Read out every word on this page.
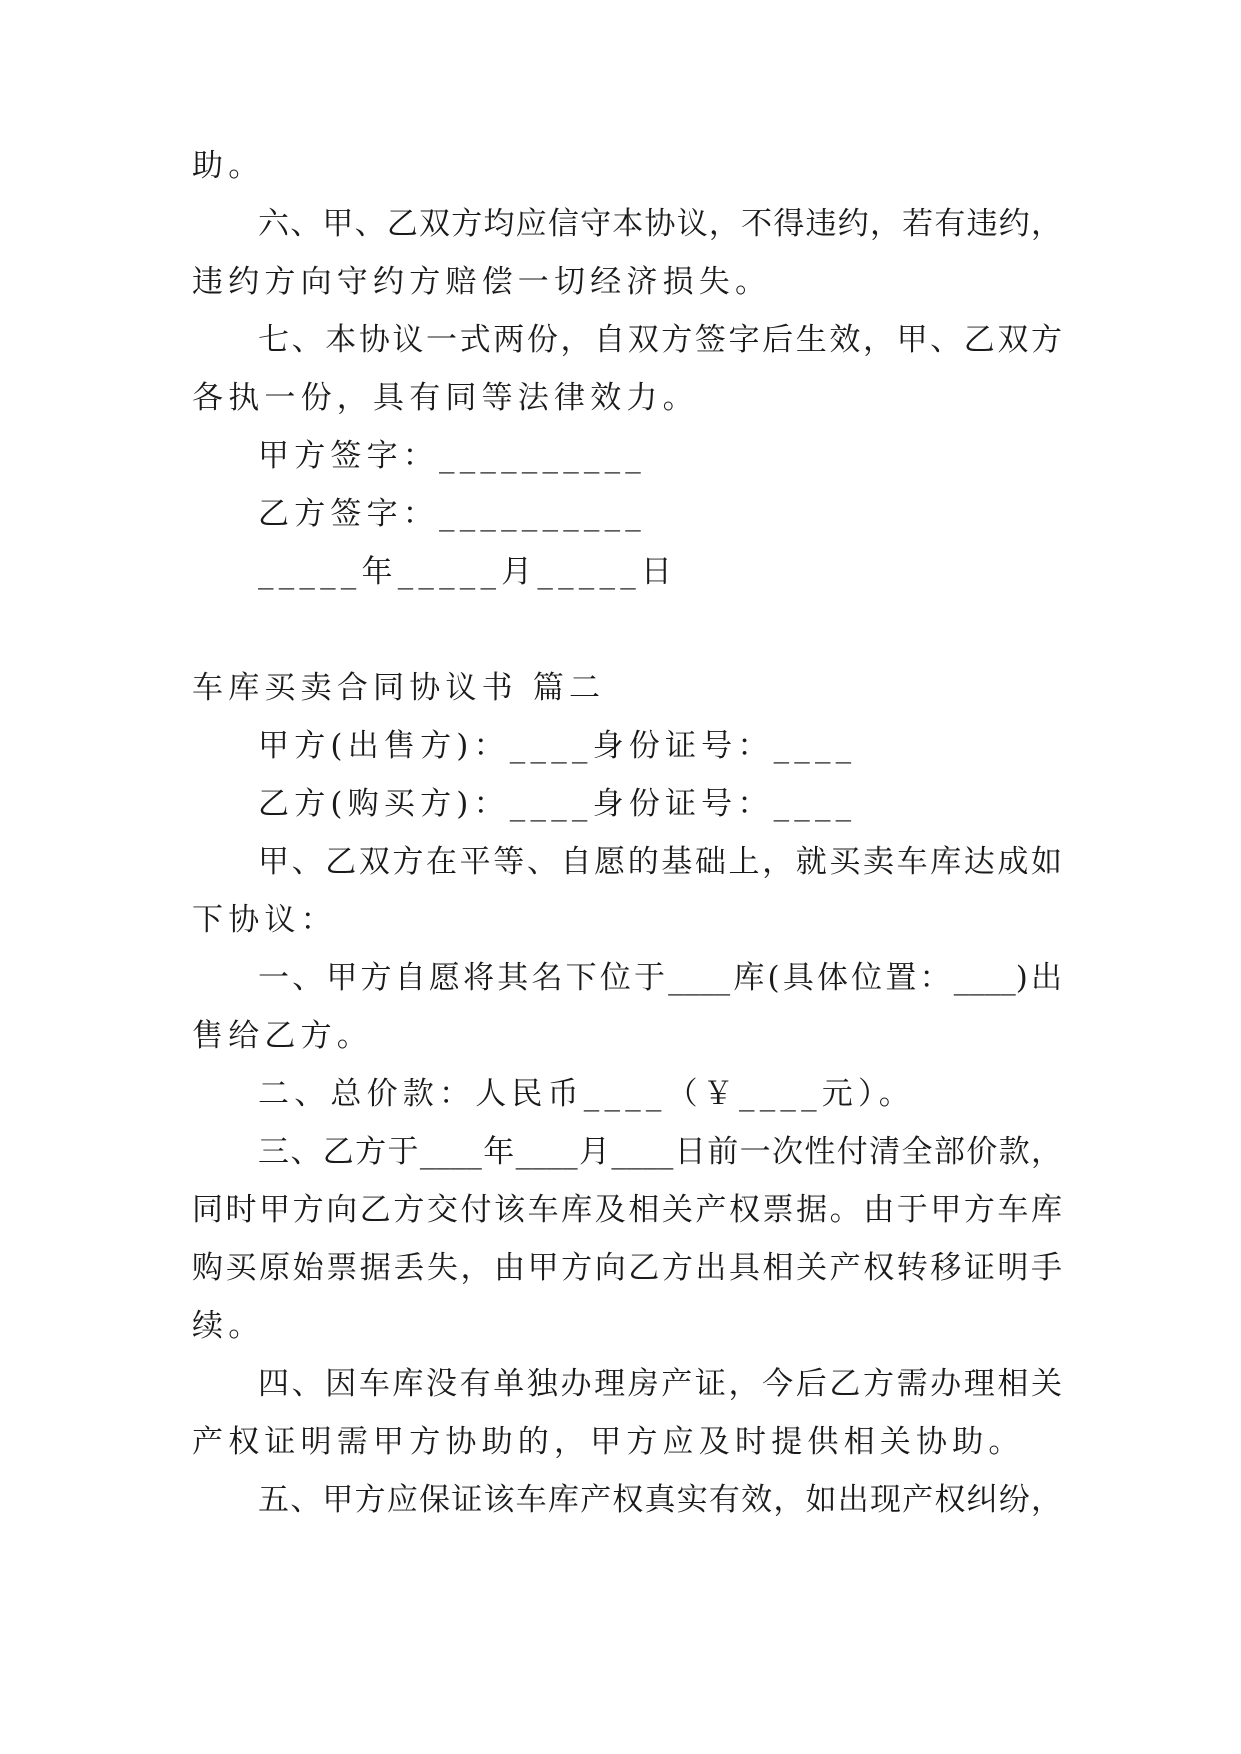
助。
六、甲、乙双方均应信守本协议，不得违约，若有违约，
违约方向守约方赔偿一切经济损失。
七、本协议一式两份，自双方签字后生效，甲、乙双方
各执一份，具有同等法律效力。
甲方签字：__________
乙方签字：__________
_____年_____月_____日
车库买卖合同协议书 篇二
甲方(出售方)：____身份证号：____
乙方(购买方)：____身份证号：____
甲、乙双方在平等、自愿的基础上，就买卖车库达成如
下协议：
一、甲方自愿将其名下位于____库(具体位置：____)出
售给乙方。
二、总价款：人民币____（￥____元）。
三、乙方于____年____月____日前一次性付清全部价款，
同时甲方向乙方交付该车库及相关产权票据。由于甲方车库
购买原始票据丢失，由甲方向乙方出具相关产权转移证明手
续。
四、因车库没有单独办理房产证，今后乙方需办理相关
产权证明需甲方协助的，甲方应及时提供相关协助。
五、甲方应保证该车库产权真实有效，如出现产权纠纷，
